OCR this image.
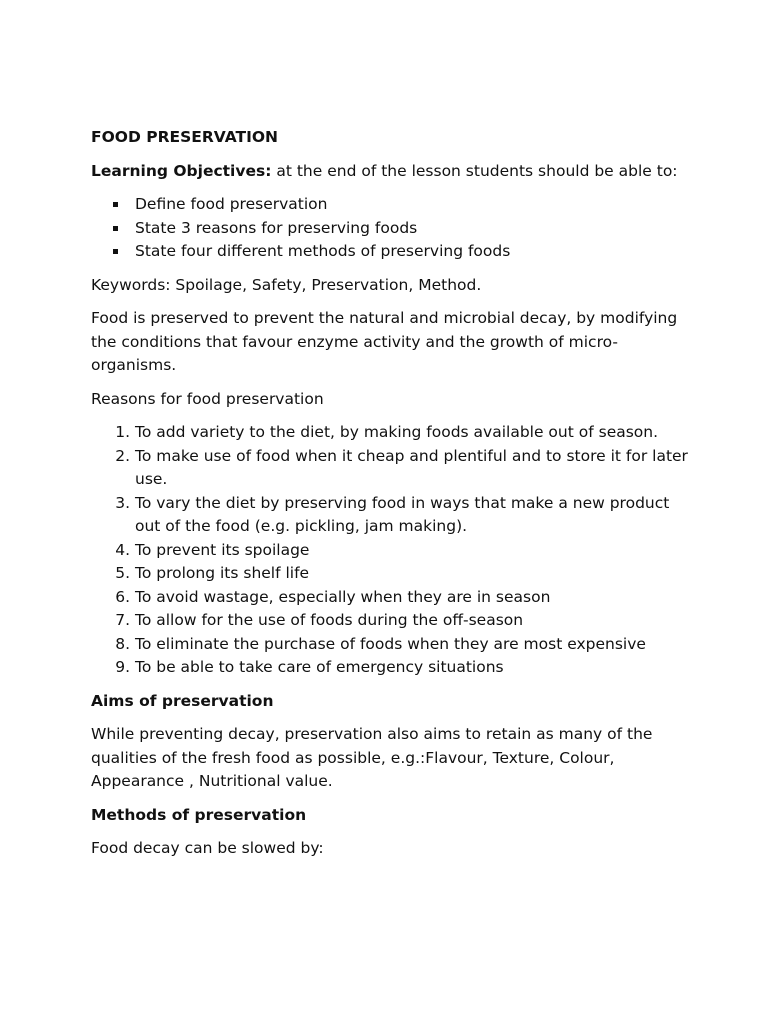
FOOD PRESERVATION

Learning Objectives: at the end of the lesson students should be able to:

Define food preservation
State 3 reasons for preserving foods
State four different methods of preserving foods

Keywords: Spoilage, Safety, Preservation, Method.

Food is preserved to prevent the natural and microbial decay, by modifying the conditions that favour enzyme activity and the growth of micro-organisms.

Reasons for food preservation

1. To add variety to the diet, by making foods available out of season.
2. To make use of food when it cheap and plentiful and to store it for later use.
3. To vary the diet by preserving food in ways that make a new product out of the food (e.g. pickling, jam making).
4. To prevent its spoilage
5. To prolong its shelf life
6. To avoid wastage, especially when they are in season
7. To allow for the use of foods during the off-season
8. To eliminate the purchase of foods when they are most expensive
9. To be able to take care of emergency situations
Aims of preservation

While preventing decay, preservation also aims to retain as many of the qualities of the fresh food as possible, e.g.:Flavour, Texture, Colour, Appearance , Nutritional value.

Methods of preservation

Food decay can be slowed by:
